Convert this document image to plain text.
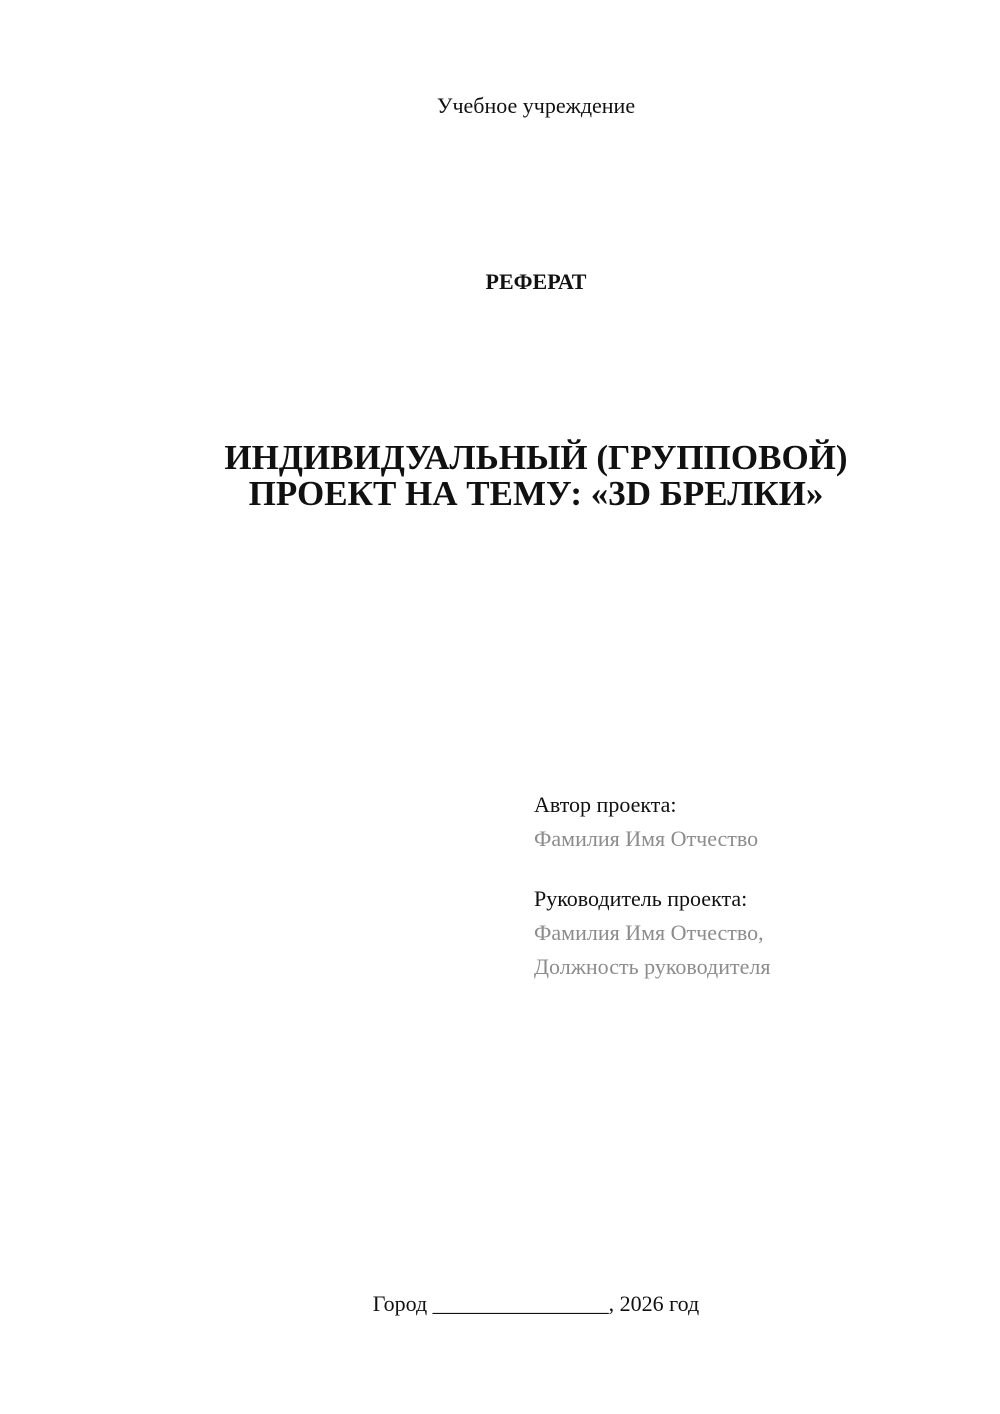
Учебное учреждение
РЕФЕРАТ
ИНДИВИДУАЛЬНЫЙ (ГРУППОВОЙ)
ПРОЕКТ НА ТЕМУ: «3D БРЕЛКИ»
Автор проекта:
Фамилия Имя Отчество
Руководитель проекта:
Фамилия Имя Отчество,
Должность руководителя
Город ________________, 2026 год
